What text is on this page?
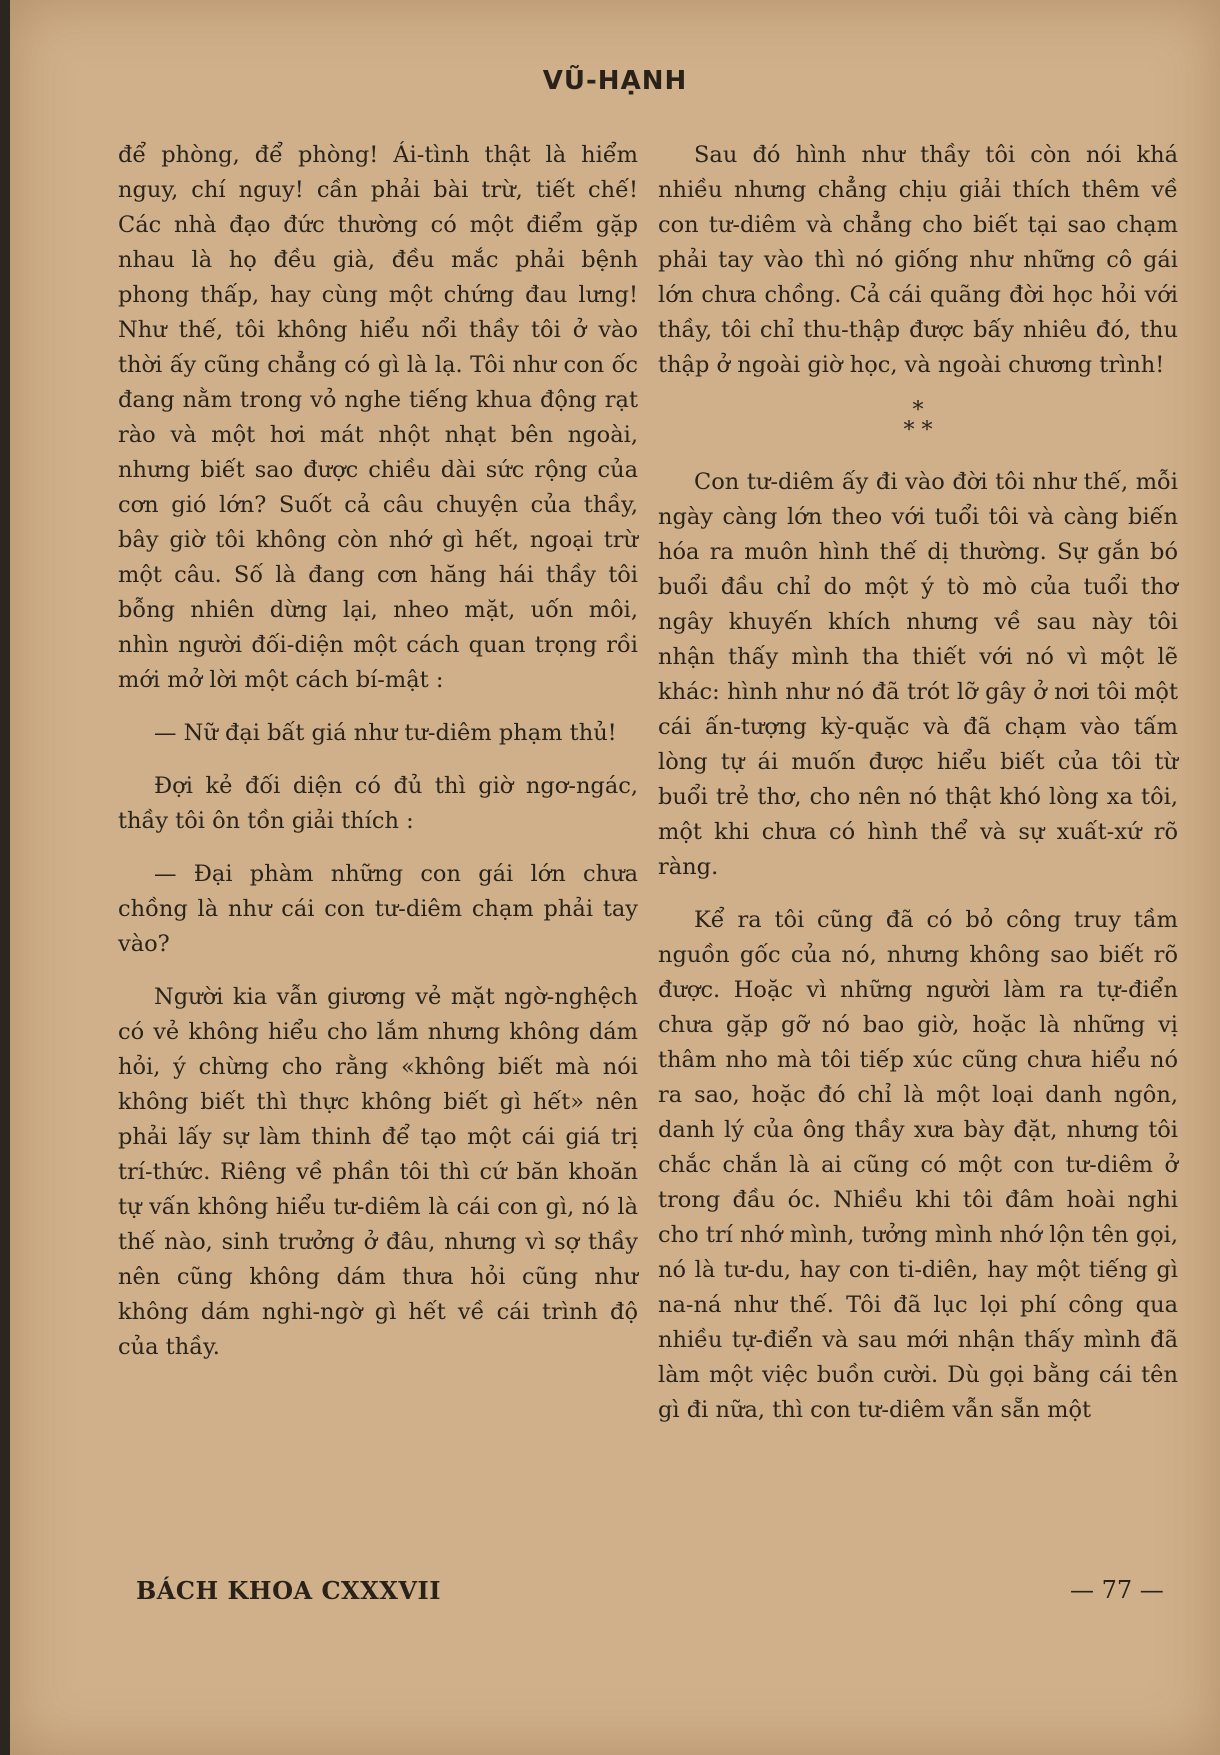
VŨ-HẠNH

để phòng, để phòng! Ái-tình thật là hiểm nguy, chí nguy! cần phải bài trừ, tiết chế! Các nhà đạo đức thường có một điểm gặp nhau là họ đều già, đều mắc phải bệnh phong thấp, hay cùng một chứng đau lưng! Như thế, tôi không hiểu nổi thầy tôi ở vào thời ấy cũng chẳng có gì là lạ. Tôi như con ốc đang nằm trong vỏ nghe tiếng khua động rạt rào và một hơi mát nhột nhạt bên ngoài, nhưng biết sao được chiều dài sức rộng của cơn gió lớn? Suốt cả câu chuyện của thầy, bây giờ tôi không còn nhớ gì hết, ngoại trừ một câu. Số là đang cơn hăng hái thầy tôi bỗng nhiên dừng lại, nheo mặt, uốn môi, nhìn người đối-diện một cách quan trọng rồi mới mở lời một cách bí-mật :

— Nữ đại bất giá như tư-diêm phạm thủ!

Đợi kẻ đối diện có đủ thì giờ ngơ-ngác, thầy tôi ôn tồn giải thích :

— Đại phàm những con gái lớn chưa chồng là như cái con tư-diêm chạm phải tay vào?

Người kia vẫn giương vẻ mặt ngờ-nghệch có vẻ không hiểu cho lắm nhưng không dám hỏi, ý chừng cho rằng «không biết mà nói không biết thì thực không biết gì hết» nên phải lấy sự làm thinh để tạo một cái giá trị trí-thức. Riêng về phần tôi thì cứ băn khoăn tự vấn không hiểu tư-diêm là cái con gì, nó là thế nào, sinh trưởng ở đâu, nhưng vì sợ thầy nên cũng không dám thưa hỏi cũng như không dám nghi-ngờ gì hết về cái trình độ của thầy.

Sau đó hình như thầy tôi còn nói khá nhiều nhưng chẳng chịu giải thích thêm về con tư-diêm và chẳng cho biết tại sao chạm phải tay vào thì nó giống như những cô gái lớn chưa chồng. Cả cái quãng đời học hỏi với thầy, tôi chỉ thu-thập được bấy nhiêu đó, thu thập ở ngoài giờ học, và ngoài chương trình!

*
* *

Con tư-diêm ấy đi vào đời tôi như thế, mỗi ngày càng lớn theo với tuổi tôi và càng biến hóa ra muôn hình thế dị thường. Sự gắn bó buổi đầu chỉ do một ý tò mò của tuổi thơ ngây khuyến khích nhưng về sau này tôi nhận thấy mình tha thiết với nó vì một lẽ khác: hình như nó đã trót lỡ gây ở nơi tôi một cái ấn-tượng kỳ-quặc và đã chạm vào tấm lòng tự ái muốn được hiểu biết của tôi từ buổi trẻ thơ, cho nên nó thật khó lòng xa tôi, một khi chưa có hình thể và sự xuất-xứ rõ ràng.

Kể ra tôi cũng đã có bỏ công truy tầm nguồn gốc của nó, nhưng không sao biết rõ được. Hoặc vì những người làm ra tự-điển chưa gặp gỡ nó bao giờ, hoặc là những vị thâm nho mà tôi tiếp xúc cũng chưa hiểu nó ra sao, hoặc đó chỉ là một loại danh ngôn, danh lý của ông thầy xưa bày đặt, nhưng tôi chắc chắn là ai cũng có một con tư-diêm ở trong đầu óc. Nhiều khi tôi đâm hoài nghi cho trí nhớ mình, tưởng mình nhớ lộn tên gọi, nó là tư-du, hay con ti-diên, hay một tiếng gì na-ná như thế. Tôi đã lục lọi phí công qua nhiều tự-điển và sau mới nhận thấy mình đã làm một việc buồn cười. Dù gọi bằng cái tên gì đi nữa, thì con tư-diêm vẫn sẵn một

BÁCH KHOA CXXXVII	— 77 —
